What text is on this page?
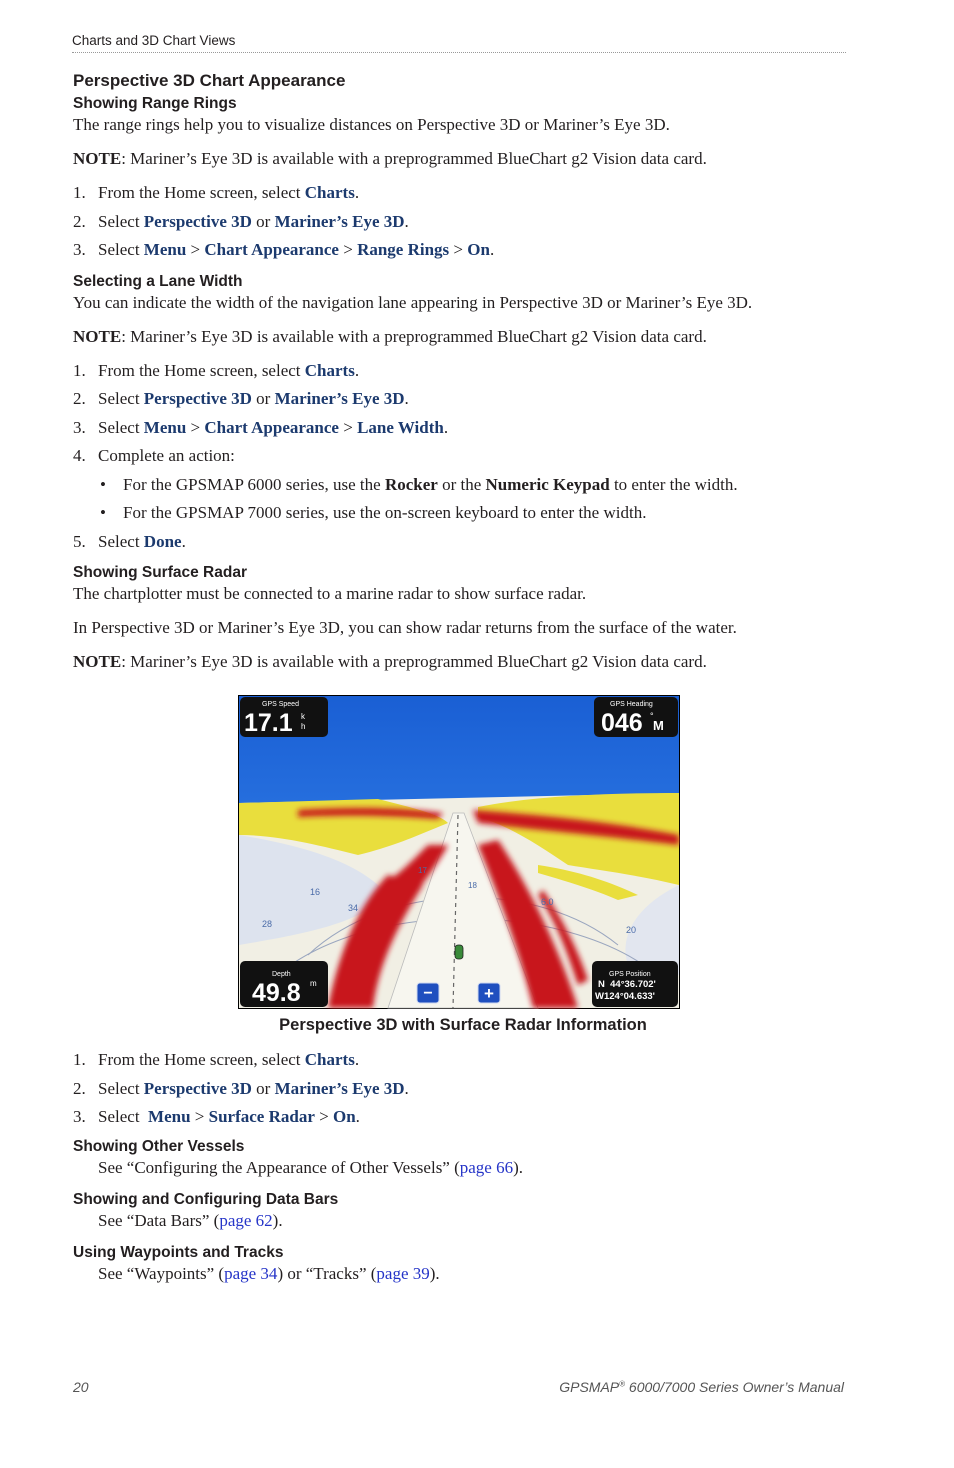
Charts and 3D Chart Views
Perspective 3D Chart Appearance
Showing Range Rings

The range rings help you to visualize distances on Perspective 3D or Mariner’s Eye 3D.

NOTE: Mariner’s Eye 3D is available with a preprogrammed BlueChart g2 Vision data card.

1. From the Home screen, select Charts.
2. Select Perspective 3D or Mariner’s Eye 3D.
3. Select Menu > Chart Appearance > Range Rings > On.
Selecting a Lane Width

You can indicate the width of the navigation lane appearing in Perspective 3D or Mariner’s Eye 3D.

NOTE: Mariner’s Eye 3D is available with a preprogrammed BlueChart g2 Vision data card.

1. From the Home screen, select Charts.
2. Select Perspective 3D or Mariner’s Eye 3D.
3. Select Menu > Chart Appearance > Lane Width.
4. Complete an action:
• For the GPSMAP 6000 series, use the Rocker or the Numeric Keypad to enter the width.
• For the GPSMAP 7000 series, use the on-screen keyboard to enter the width.
5. Select Done.
Showing Surface Radar

The chartplotter must be connected to a marine radar to show surface radar.

In Perspective 3D or Mariner’s Eye 3D, you can show radar returns from the surface of the water.

NOTE: Mariner’s Eye 3D is available with a preprogrammed BlueChart g2 Vision data card.

16
28
34
20
6.0
17
18
GPS Speed
17.1 k
h
GPS Heading
046 °
M
Depth
49.8 m
GPS Position
N  44°36.702'
W124°04.633'
−	+
Perspective 3D with Surface Radar Information
1. From the Home screen, select Charts.
2. Select Perspective 3D or Mariner’s Eye 3D.
3. Select  Menu > Surface Radar > On.
Showing Other Vessels

See “Configuring the Appearance of Other Vessels” (page 66).

Showing and Configuring Data Bars

See “Data Bars” (page 62).

Using Waypoints and Tracks

See “Waypoints” (page 34) or “Tracks” (page 39).

20	GPSMAP® 6000/7000 Series Owner’s Manual
